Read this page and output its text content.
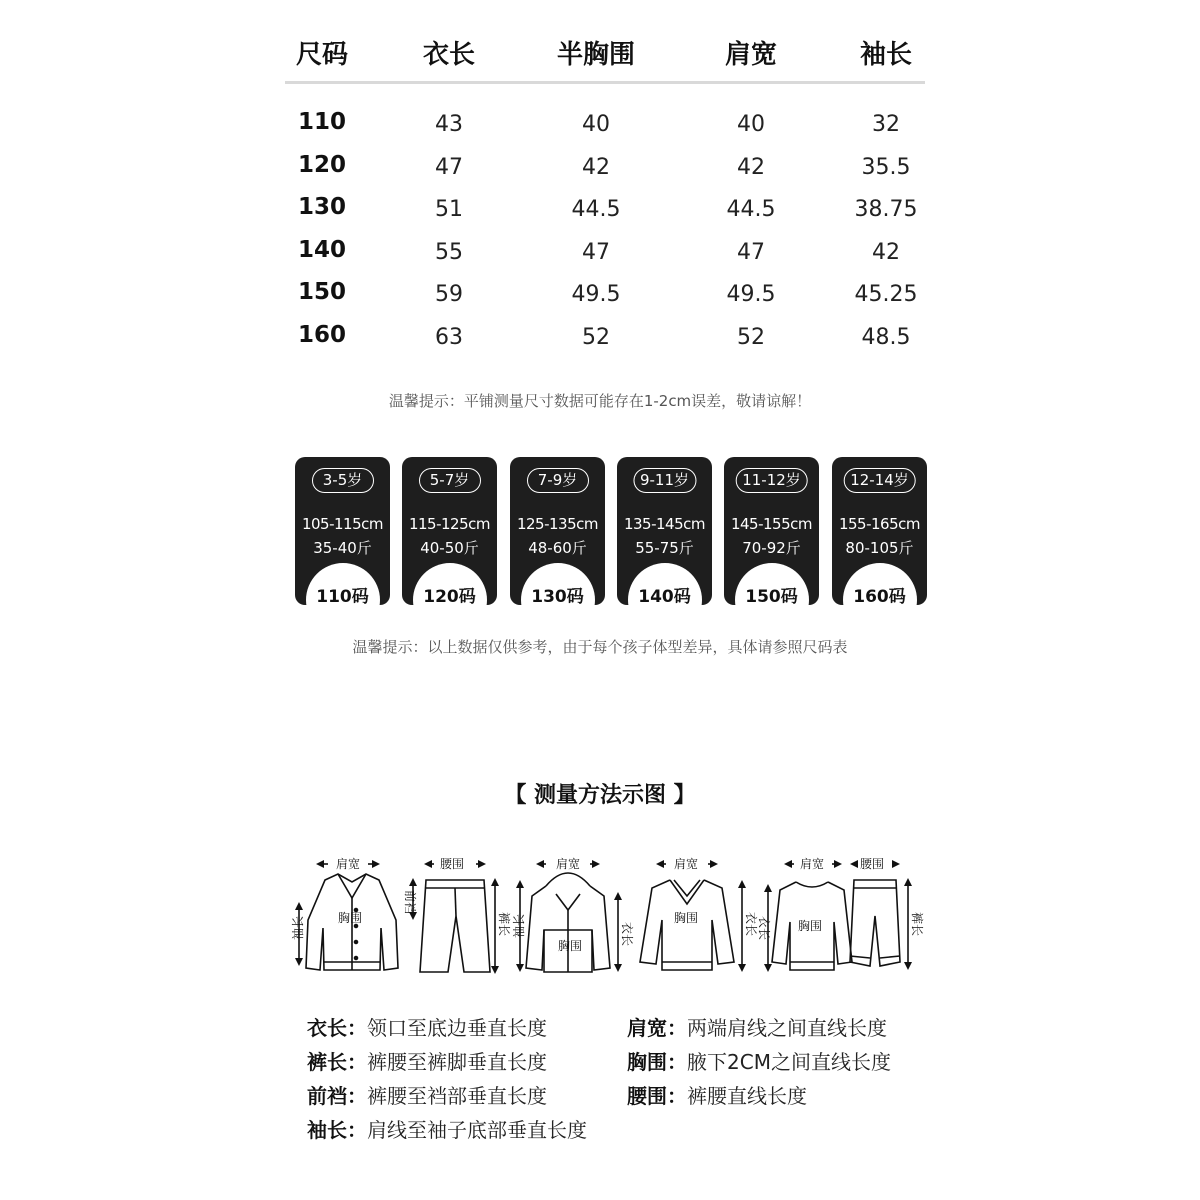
尺码	衣长	半胸围	肩宽	袖长
110	43	40	40	32
120	47	42	42	35.5
130	51	44.5	44.5	38.75
140	55	47	47	42
150	59	49.5	49.5	45.25
160	63	52	52	48.5
温馨提示：平铺测量尺寸数据可能存在1-2cm误差，敬请谅解！
3-5岁
105-115cm
35-40斤
110码
5-7岁
115-125cm
40-50斤
120码
7-9岁
125-135cm
48-60斤
130码
9-11岁
135-145cm
55-75斤
140码
11-12岁
145-155cm
70-92斤
150码
12-14岁
155-165cm
80-105斤
160码
温馨提示：以上数据仅供参考，由于每个孩子体型差异，具体请参照尺码表
【 测量方法示图 】
肩宽
胸围
袖长
腰围
前裆
裤长
肩宽
胸围
袖长	衣长
肩宽
胸围	衣长
肩宽
胸围
衣长
腰围
裤长
衣长：领口至底边垂直长度
裤长：裤腰至裤脚垂直长度
前裆：裤腰至裆部垂直长度
袖长：肩线至袖子底部垂直长度
肩宽：两端肩线之间直线长度
胸围：腋下2CM之间直线长度
腰围：裤腰直线长度
